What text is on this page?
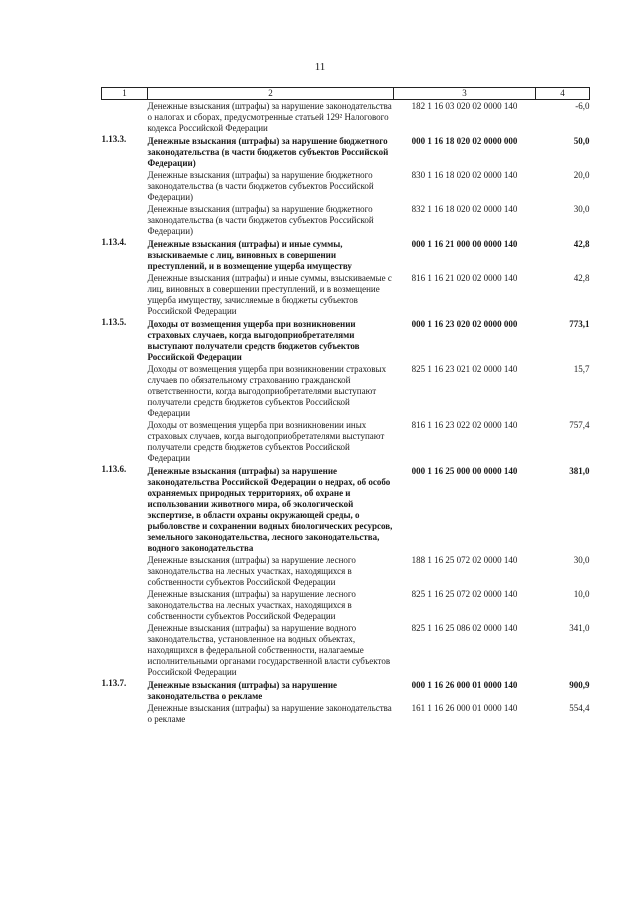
11
1	2	3	4
	Денежные взыскания (штрафы) за нарушение законодательства о налогах и сборах, предусмотренные статьей 129² Налогового кодекса Российской Федерации	182 1 16 03 020 02 0000 140	-6,0
1.13.3.	Денежные взыскания (штрафы) за нарушение бюджетного законодательства (в части бюджетов субъектов Российской Федерации)	000 1 16 18 020 02 0000 000	50,0
	Денежные взыскания (штрафы) за нарушение бюджетного законодательства (в части бюджетов субъектов Российской Федерации)	830 1 16 18 020 02 0000 140	20,0
	Денежные взыскания (штрафы) за нарушение бюджетного законодательства (в части бюджетов субъектов Российской Федерации)	832 1 16 18 020 02 0000 140	30,0
1.13.4.	Денежные взыскания (штрафы) и иные суммы, взыскиваемые с лиц, виновных в совершении преступлений, и в возмещение ущерба имуществу	000 1 16 21 000 00 0000 140	42,8
	Денежные взыскания (штрафы) и иные суммы, взыскиваемые с лиц, виновных в совершении преступлений, и в возмещение ущерба имуществу, зачисляемые в бюджеты субъектов Российской Федерации	816 1 16 21 020 02 0000 140	42,8
1.13.5.	Доходы от возмещения ущерба при возникновении страховых случаев, когда выгодоприобретателями выступают получатели средств бюджетов субъектов Российской Федерации	000 1 16 23 020 02 0000 000	773,1
	Доходы от возмещения ущерба при возникновении страховых случаев по обязательному страхованию гражданской ответственности, когда выгодоприобретателями выступают получатели средств бюджетов субъектов Российской Федерации	825 1 16 23 021 02 0000 140	15,7
	Доходы от возмещения ущерба при возникновении иных страховых случаев, когда выгодоприобретателями выступают получатели средств бюджетов субъектов Российской Федерации	816 1 16 23 022 02 0000 140	757,4
1.13.6.	Денежные взыскания (штрафы) за нарушение законодательства Российской Федерации о недрах, об особо охраняемых природных территориях, об охране и использовании животного мира, об экологической экспертизе, в области охраны окружающей среды, о рыболовстве и сохранении водных биологических ресурсов, земельного законодательства, лесного законодательства, водного законодательства	000 1 16 25 000 00 0000 140	381,0
	Денежные взыскания (штрафы) за нарушение лесного законодательства на лесных участках, находящихся в собственности субъектов Российской Федерации	188 1 16 25 072 02 0000 140	30,0
	Денежные взыскания (штрафы) за нарушение лесного законодательства на лесных участках, находящихся в собственности субъектов Российской Федерации	825 1 16 25 072 02 0000 140	10,0
	Денежные взыскания (штрафы) за нарушение водного законодательства, установленное на водных объектах, находящихся в федеральной собственности, налагаемые исполнительными органами государственной власти субъектов Российской Федерации	825 1 16 25 086 02 0000 140	341,0
1.13.7.	Денежные взыскания (штрафы) за нарушение законодательства о рекламе	000 1 16 26 000 01 0000 140	900,9
	Денежные взыскания (штрафы) за нарушение законодательства о рекламе	161 1 16 26 000 01 0000 140	554,4
